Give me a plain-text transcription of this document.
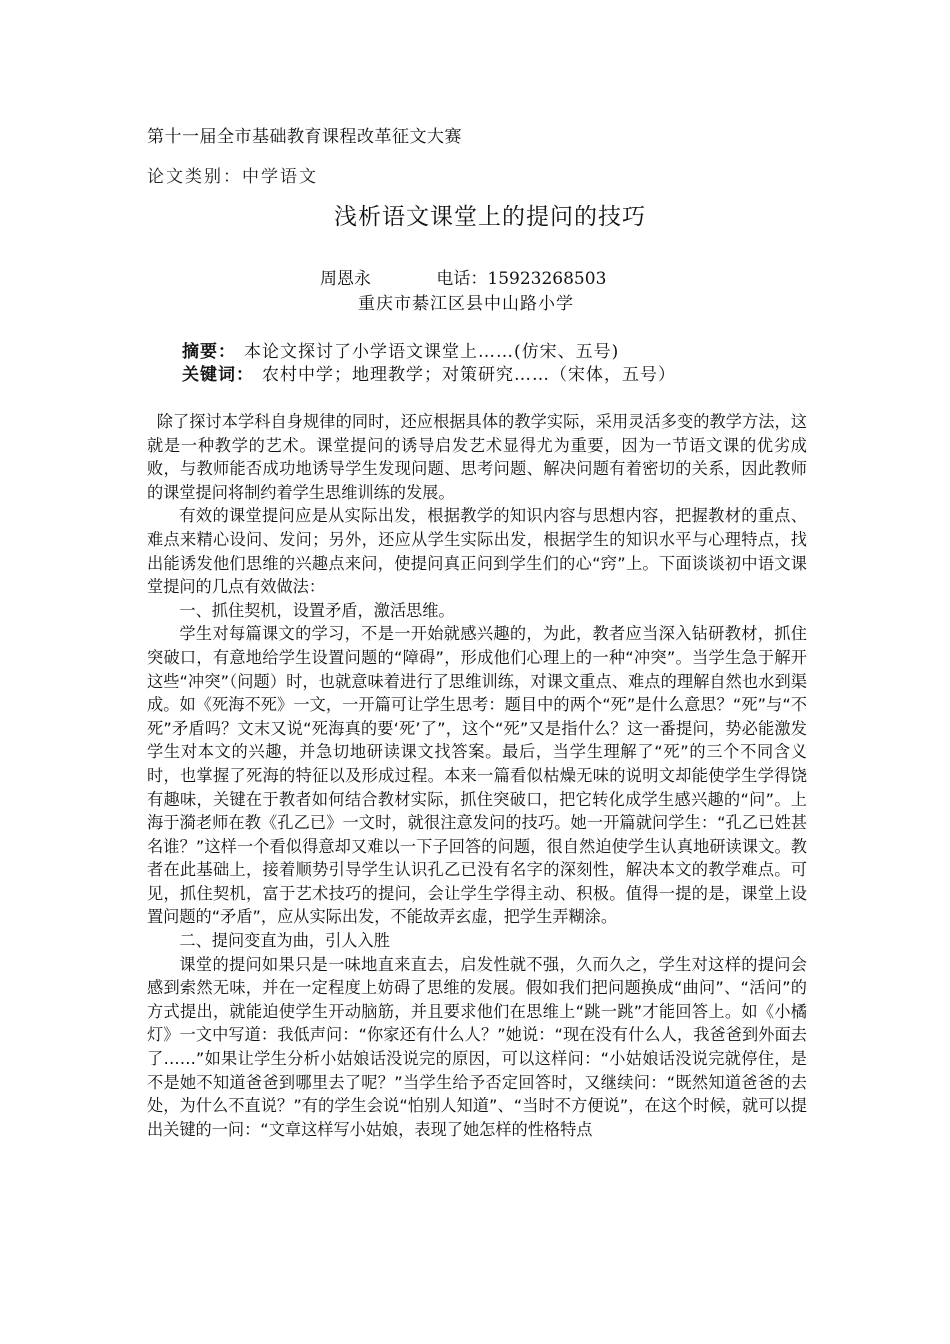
第十一届全市基础教育课程改革征文大赛
论文类别：中学语文
浅析语文课堂上的提问的技巧
周恩永	电话：15923268503
重庆市綦江区县中山路小学
摘要： 本论文探讨了小学语文课堂上……(仿宋、五号)
关键词： 农村中学；地理教学；对策研究……（宋体，五号）

除了探讨本学科自身规律的同时，还应根据具体的教学实际，采用灵活多变的教学方法，这就是一种教学的艺术。课堂提问的诱导启发艺术显得尤为重要，因为一节语文课的优劣成败，与教师能否成功地诱导学生发现问题、思考问题、解决问题有着密切的关系，因此教师的课堂提问将制约着学生思维训练的发展。

有效的课堂提问应是从实际出发，根据教学的知识内容与思想内容，把握教材的重点、难点来精心设问、发问；另外，还应从学生实际出发，根据学生的知识水平与心理特点，找出能诱发他们思维的兴趣点来问，使提问真正问到学生们的心“窍”上。下面谈谈初中语文课堂提问的几点有效做法：

一、抓住契机，设置矛盾，激活思维。

学生对每篇课文的学习，不是一开始就感兴趣的，为此，教者应当深入钻研教材，抓住突破口，有意地给学生设置问题的“障碍”，形成他们心理上的一种“冲突”。当学生急于解开这些“冲突”（问题）时，也就意味着进行了思维训练，对课文重点、难点的理解自然也水到渠成。如《死海不死》一文，一开篇可让学生思考：题目中的两个“死”是什么意思？“死”与“不死”矛盾吗？文末又说“死海真的要‘死’了”，这个“死”又是指什么？这一番提问，势必能激发学生对本文的兴趣，并急切地研读课文找答案。最后，当学生理解了“死”的三个不同含义时，也掌握了死海的特征以及形成过程。本来一篇看似枯燥无味的说明文却能使学生学得饶有趣味，关键在于教者如何结合教材实际，抓住突破口，把它转化成学生感兴趣的“问”。上海于漪老师在教《孔乙已》一文时，就很注意发问的技巧。她一开篇就问学生：“孔乙已姓甚名谁？”这样一个看似得意却又难以一下子回答的问题，很自然迫使学生认真地研读课文。教者在此基础上，接着顺势引导学生认识孔乙已没有名字的深刻性，解决本文的教学难点。可见，抓住契机，富于艺术技巧的提问，会让学生学得主动、积极。值得一提的是，课堂上设置问题的“矛盾”，应从实际出发，不能故弄玄虚，把学生弄糊涂。

二、提问变直为曲，引人入胜

课堂的提问如果只是一味地直来直去，启发性就不强，久而久之，学生对这样的提问会感到索然无味，并在一定程度上妨碍了思维的发展。假如我们把问题换成“曲问”、“活问”的方式提出，就能迫使学生开动脑筋，并且要求他们在思维上“跳一跳”才能回答上。如《小橘灯》一文中写道：我低声问：“你家还有什么人？”她说：“现在没有什么人，我爸爸到外面去了……”如果让学生分析小姑娘话没说完的原因，可以这样问：“小姑娘话没说完就停住，是不是她不知道爸爸到哪里去了呢？”当学生给予否定回答时，又继续问：“既然知道爸爸的去处，为什么不直说？”有的学生会说“怕别人知道”、“当时不方便说”，在这个时候，就可以提出关键的一问：“文章这样写小姑娘，表现了她怎样的性格特点
